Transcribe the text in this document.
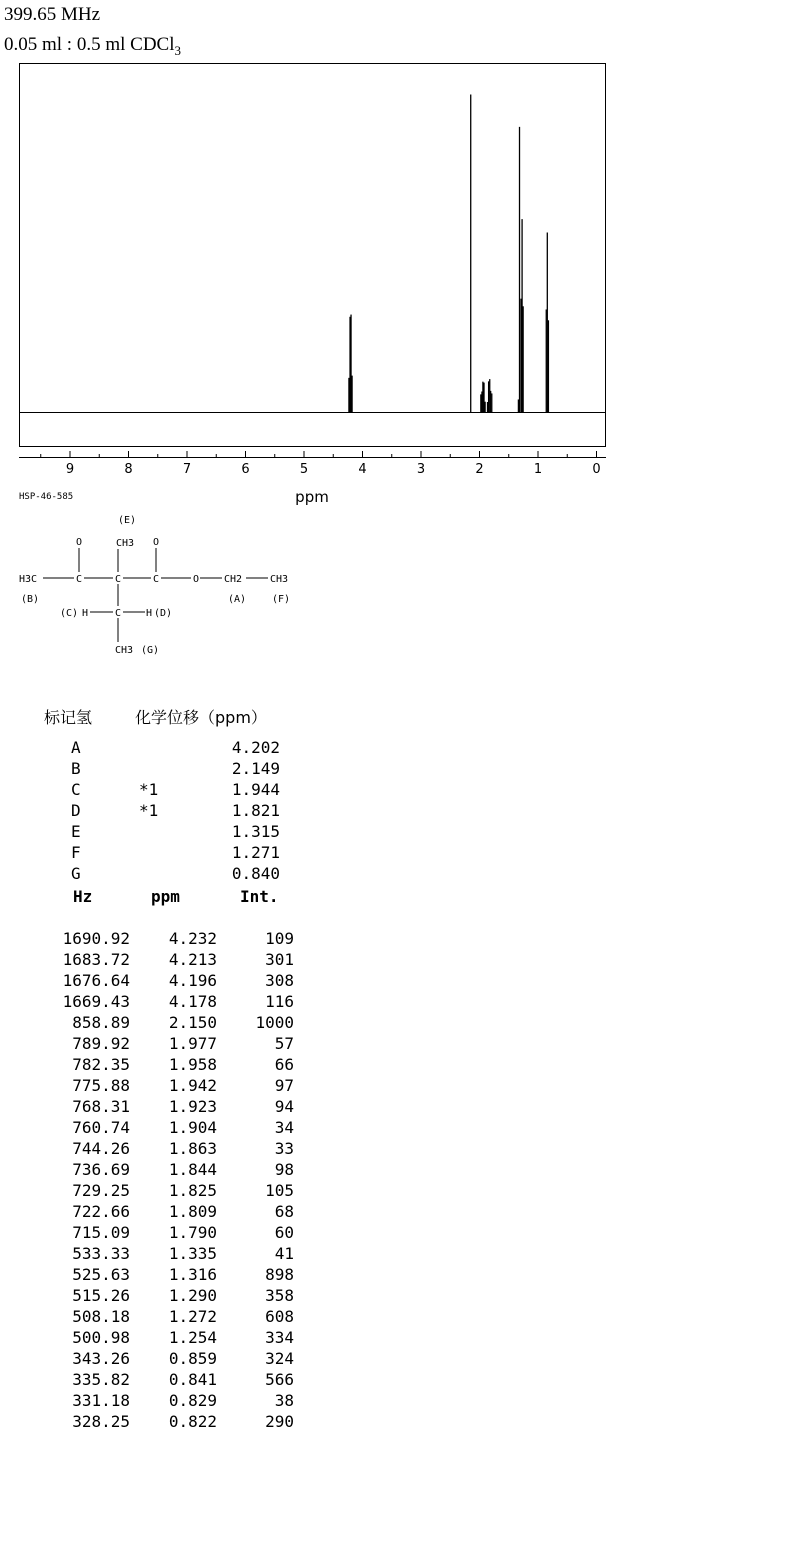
399.65 MHz
0.05 ml : 0.5 ml CDCl$_3$
9	8	7	6	5	4	3	2	1	0
ppm
HSP-46-585
(E)
CH3
O	O
H3C	C	C	C	O CH2	CH3
(B)	(A)	(F)
(C) H	C H (D)
CH3 (G)
标记氢	化学位移（ppm）
A	4.202
B	2.149
C	*1	1.944
D	*1	1.821
E	1.315
F	1.271
G	0.840
Hz	ppm	Int.
1690.92 4.232	109
1683.72 4.213	301
1676.64 4.196	308
1669.43 4.178	116
858.89 2.150 1000
789.92 1.977	57
782.35 1.958	66
775.88 1.942	97
768.31 1.923	94
760.74 1.904	34
744.26 1.863	33
736.69 1.844	98
729.25 1.825	105
722.66 1.809	68
715.09 1.790	60
533.33 1.335	41
525.63 1.316	898
515.26 1.290	358
508.18 1.272	608
500.98 1.254	334
343.26 0.859	324
335.82 0.841	566
331.18 0.829	38
328.25 0.822	290
